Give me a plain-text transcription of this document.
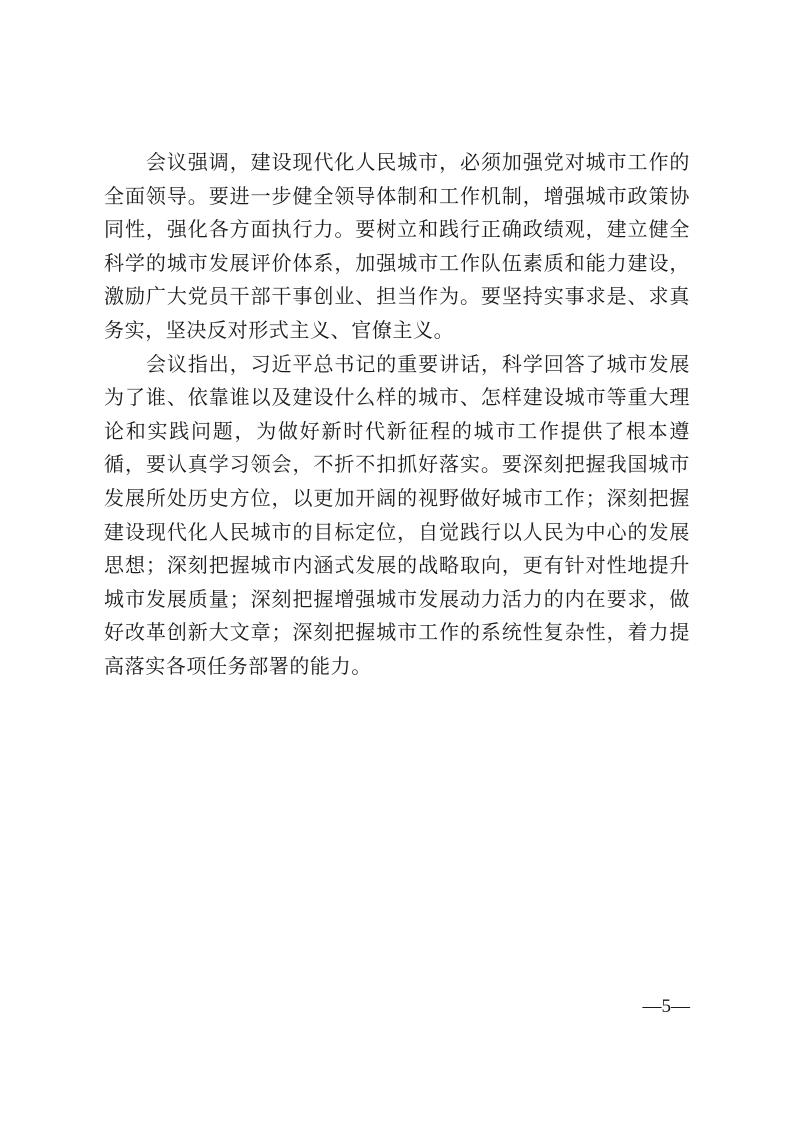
会议强调，建设现代化人民城市，必须加强党对城市工作的全面领导。要进一步健全领导体制和工作机制，增强城市政策协同性，强化各方面执行力。要树立和践行正确政绩观，建立健全科学的城市发展评价体系，加强城市工作队伍素质和能力建设，激励广大党员干部干事创业、担当作为。要坚持实事求是、求真务实，坚决反对形式主义、官僚主义。

会议指出，习近平总书记的重要讲话，科学回答了城市发展为了谁、依靠谁以及建设什么样的城市、怎样建设城市等重大理论和实践问题，为做好新时代新征程的城市工作提供了根本遵循，要认真学习领会，不折不扣抓好落实。要深刻把握我国城市发展所处历史方位，以更加开阔的视野做好城市工作；深刻把握建设现代化人民城市的目标定位，自觉践行以人民为中心的发展思想；深刻把握城市内涵式发展的战略取向，更有针对性地提升城市发展质量；深刻把握增强城市发展动力活力的内在要求，做好改革创新大文章；深刻把握城市工作的系统性复杂性，着力提高落实各项任务部署的能力。

—5—
